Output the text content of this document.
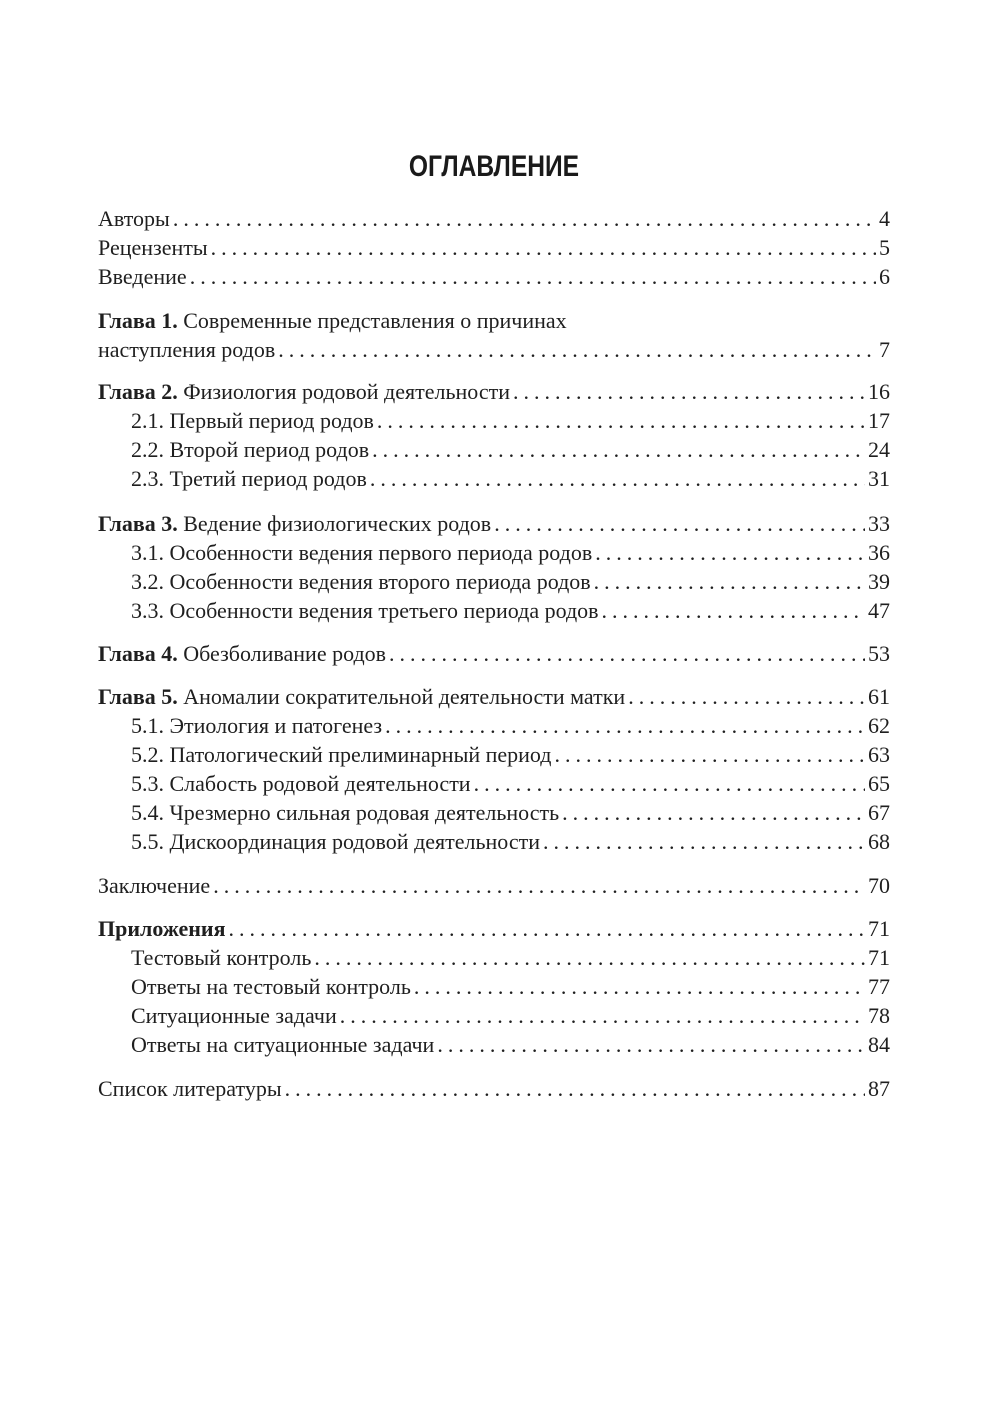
ОГЛАВЛЕНИЕ
Авторы . . .	4
Рецензенты . . .	5
Введение . . .	6
Глава 1. Современные представления о причинах
наступления родов . . .	7
Глава 2. Физиология родовой деятельности . . .	16
2.1. Первый период родов . . .	17
2.2. Второй период родов . . .	24
2.3. Третий период родов . . .	31
Глава 3. Ведение физиологических родов . . .	33
3.1. Особенности ведения первого периода родов . . .	36
3.2. Особенности ведения второго периода родов . . .	39
3.3. Особенности ведения третьего периода родов . . .	47
Глава 4. Обезболивание родов . . .	53
Глава 5. Аномалии сократительной деятельности матки . . .	61
5.1. Этиология и патогенез . . .	62
5.2. Патологический прелиминарный период . . .	63
5.3. Слабость родовой деятельности . . .	65
5.4. Чрезмерно сильная родовая деятельность . . .	67
5.5. Дискоординация родовой деятельности . . .	68
Заключение . . .	70
Приложения . . .	71
Тестовый контроль . . .	71
Ответы на тестовый контроль . . .	77
Ситуационные задачи . . .	78
Ответы на ситуационные задачи . . .	84
Список литературы . . .	87
